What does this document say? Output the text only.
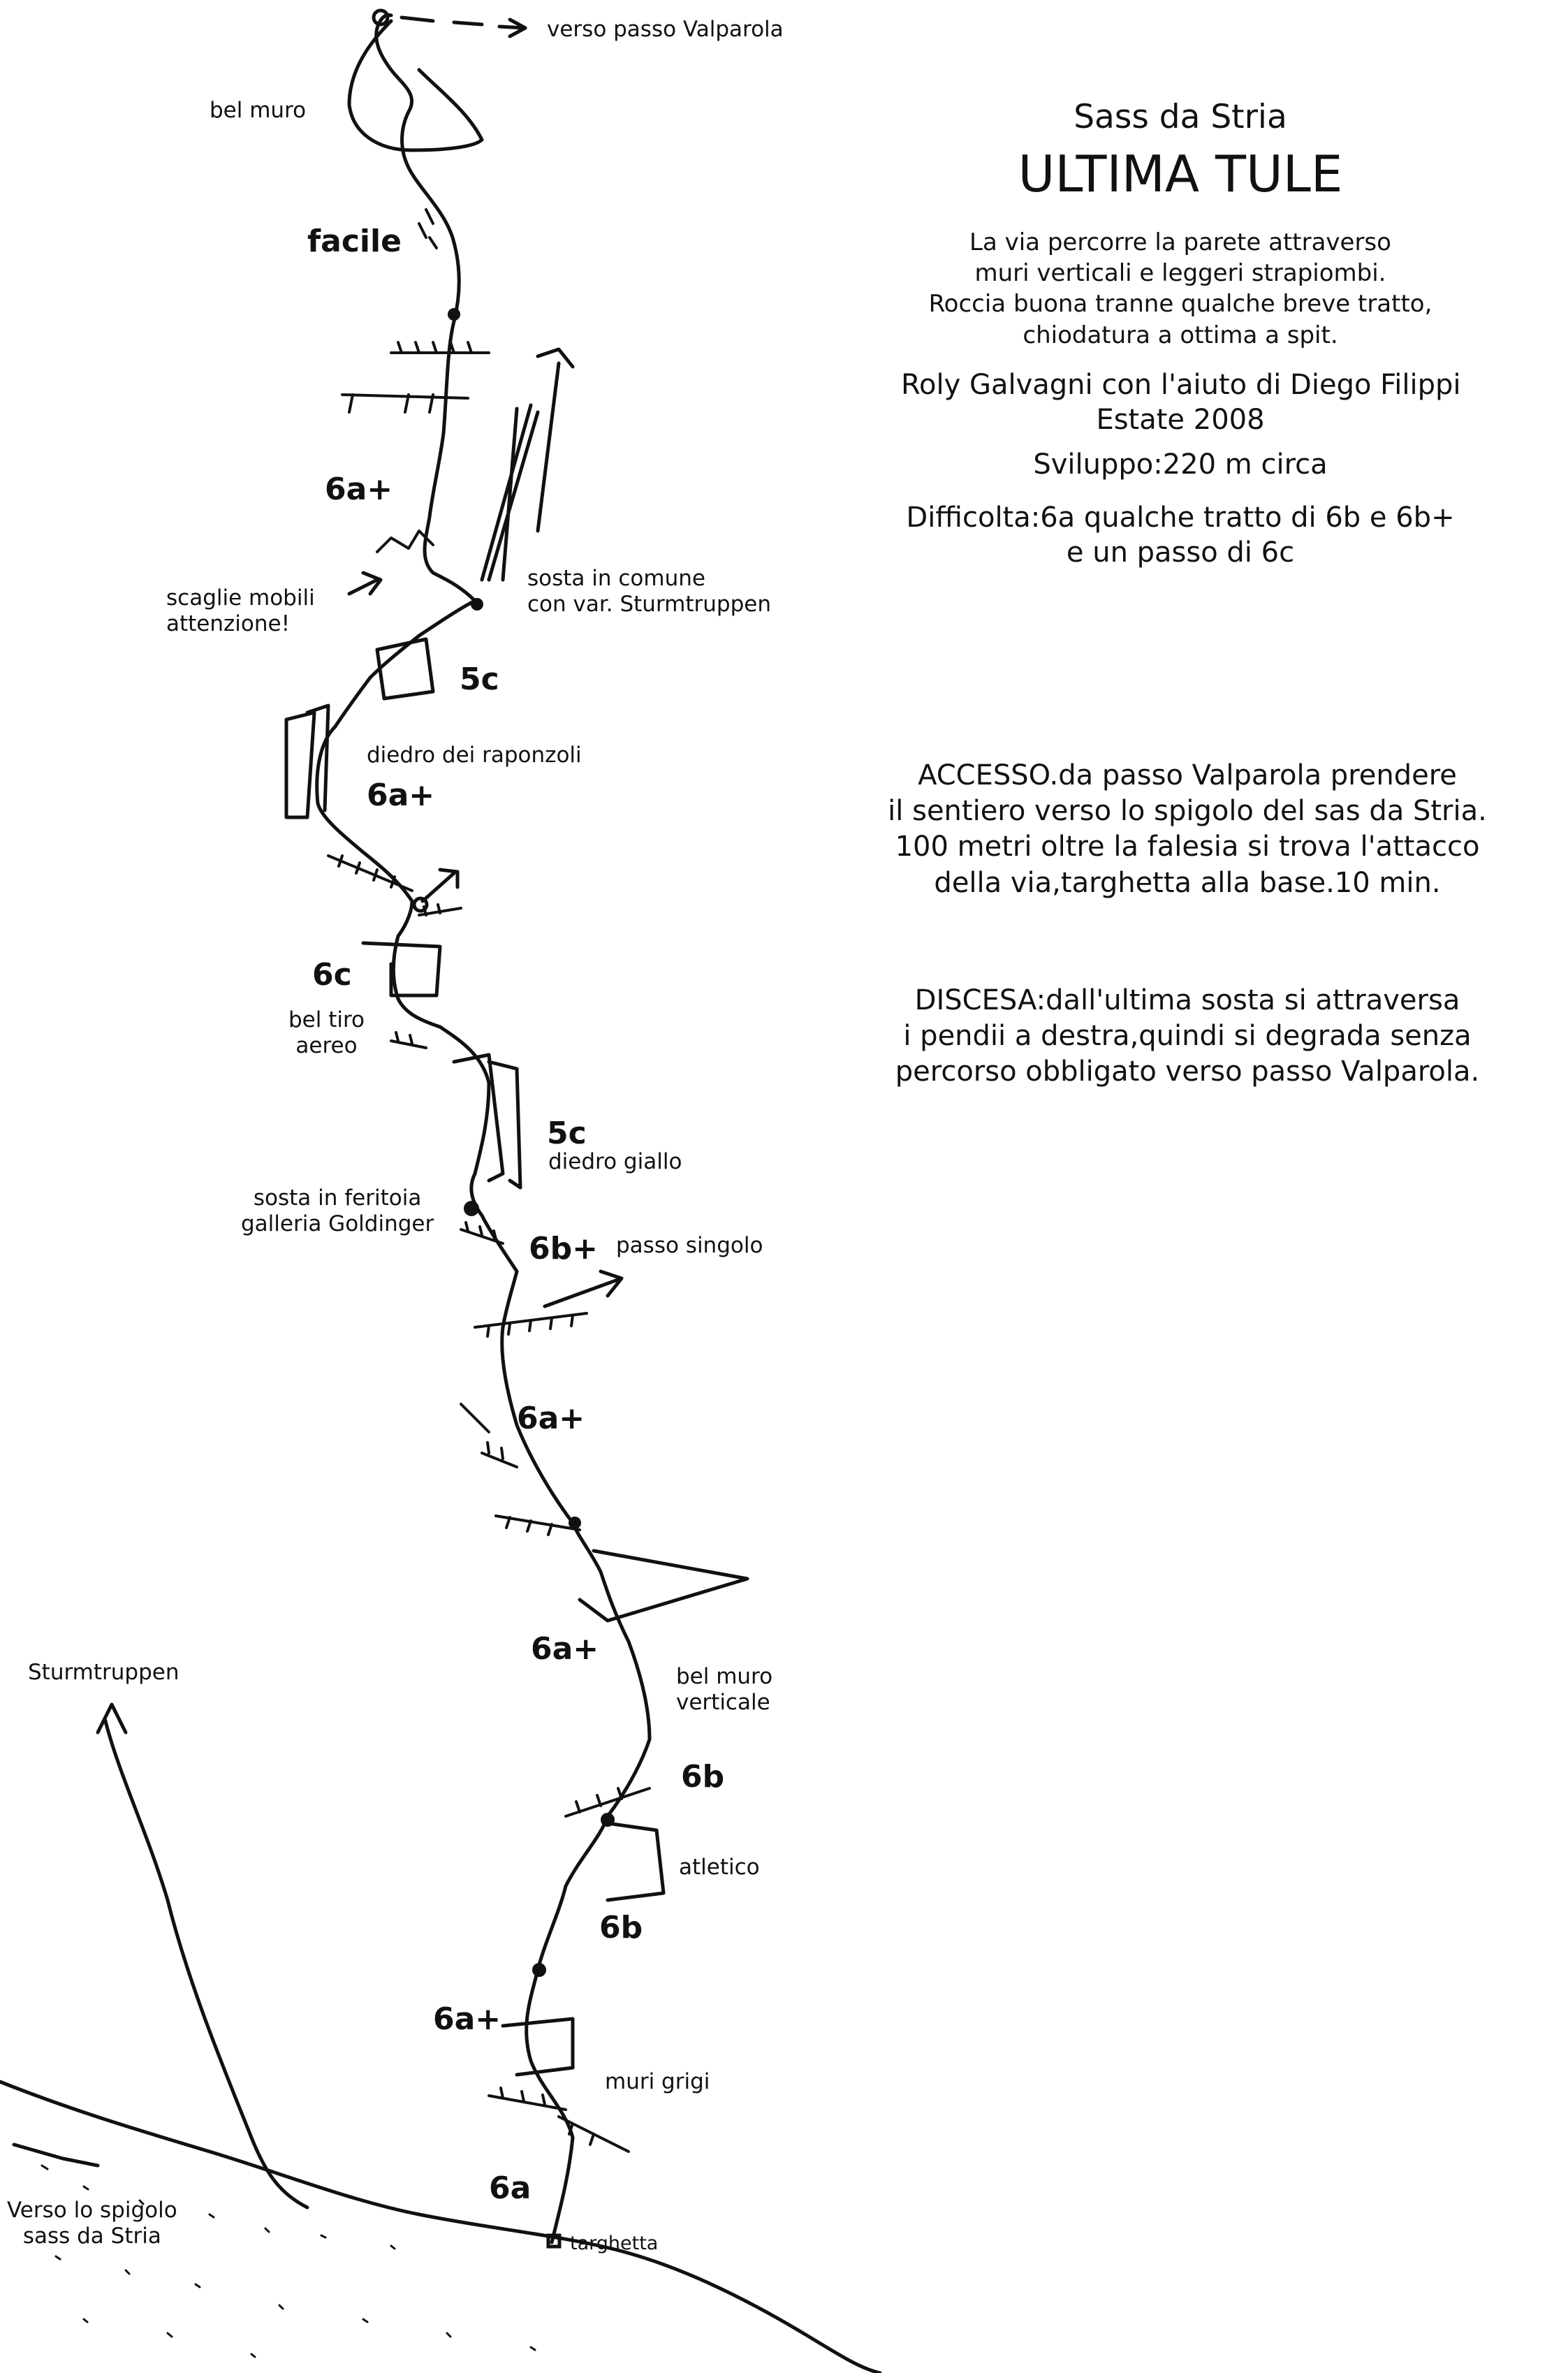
verso passo Valparola
bel muro
facile
6a+
scaglie mobili
attenzione!
sosta in comune
con var. Sturmtruppen
5c
diedro dei raponzoli
6a+
6c
bel tiro
aereo
5c
diedro giallo
sosta in feritoia
galleria Goldinger
6b+ passo singolo
6a+
Sturmtruppen
6a+
bel muro
verticale
6b
atletico
6b
6a+
muri grigi
6a
Verso lo spigolo
sass da Stria	targhetta

Sass da Stria

ULTIMA TULE

La via percorre la parete attraverso

muri verticali e leggeri strapiombi.

Roccia buona tranne qualche breve tratto,

chiodatura a ottima a spit.

Roly Galvagni con l'aiuto di Diego Filippi

Estate 2008

Sviluppo:220 m circa

Difficolta:6a qualche tratto di 6b e 6b+

e un passo di 6c

ACCESSO.da passo Valparola prendere

il sentiero verso lo spigolo del sas da Stria.

100 metri oltre la falesia si trova l'attacco

della via,targhetta alla base.10 min.

DISCESA:dall'ultima sosta si attraversa

i pendii a destra,quindi si degrada senza

percorso obbligato verso passo Valparola.
